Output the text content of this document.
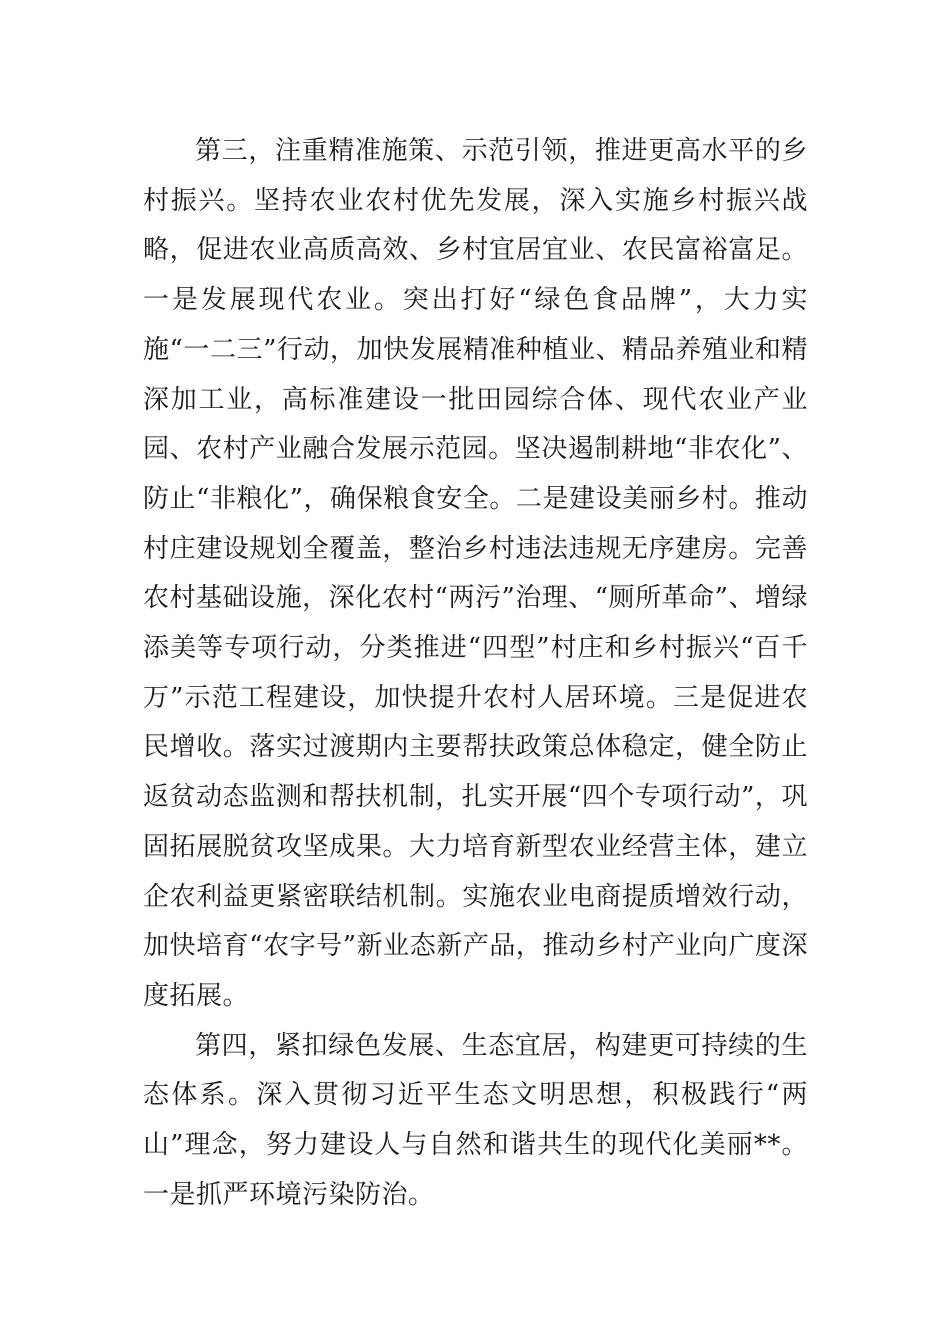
第三，注重精准施策、示范引领，推进更高水平的乡村振兴。坚持农业农村优先发展，深入实施乡村振兴战略，促进农业高质高效、乡村宜居宜业、农民富裕富足。一是发展现代农业。突出打好“绿色食品牌”，大力实施“一二三”行动，加快发展精准种植业、精品养殖业和精深加工业，高标准建设一批田园综合体、现代农业产业园、农村产业融合发展示范园。坚决遏制耕地“非农化”、防止“非粮化”，确保粮食安全。二是建设美丽乡村。推动村庄建设规划全覆盖，整治乡村违法违规无序建房。完善农村基础设施，深化农村“两污”治理、“厕所革命”、增绿添美等专项行动，分类推进“四型”村庄和乡村振兴“百千万”示范工程建设，加快提升农村人居环境。三是促进农民增收。落实过渡期内主要帮扶政策总体稳定，健全防止返贫动态监测和帮扶机制，扎实开展“四个专项行动”，巩固拓展脱贫攻坚成果。大力培育新型农业经营主体，建立企农利益更紧密联结机制。实施农业电商提质增效行动，加快培育“农字号”新业态新产品，推动乡村产业向广度深度拓展。

第四，紧扣绿色发展、生态宜居，构建更可持续的生态体系。深入贯彻习近平生态文明思想，积极践行“两山”理念，努力建设人与自然和谐共生的现代化美丽**。一是抓严环境污染防治。
